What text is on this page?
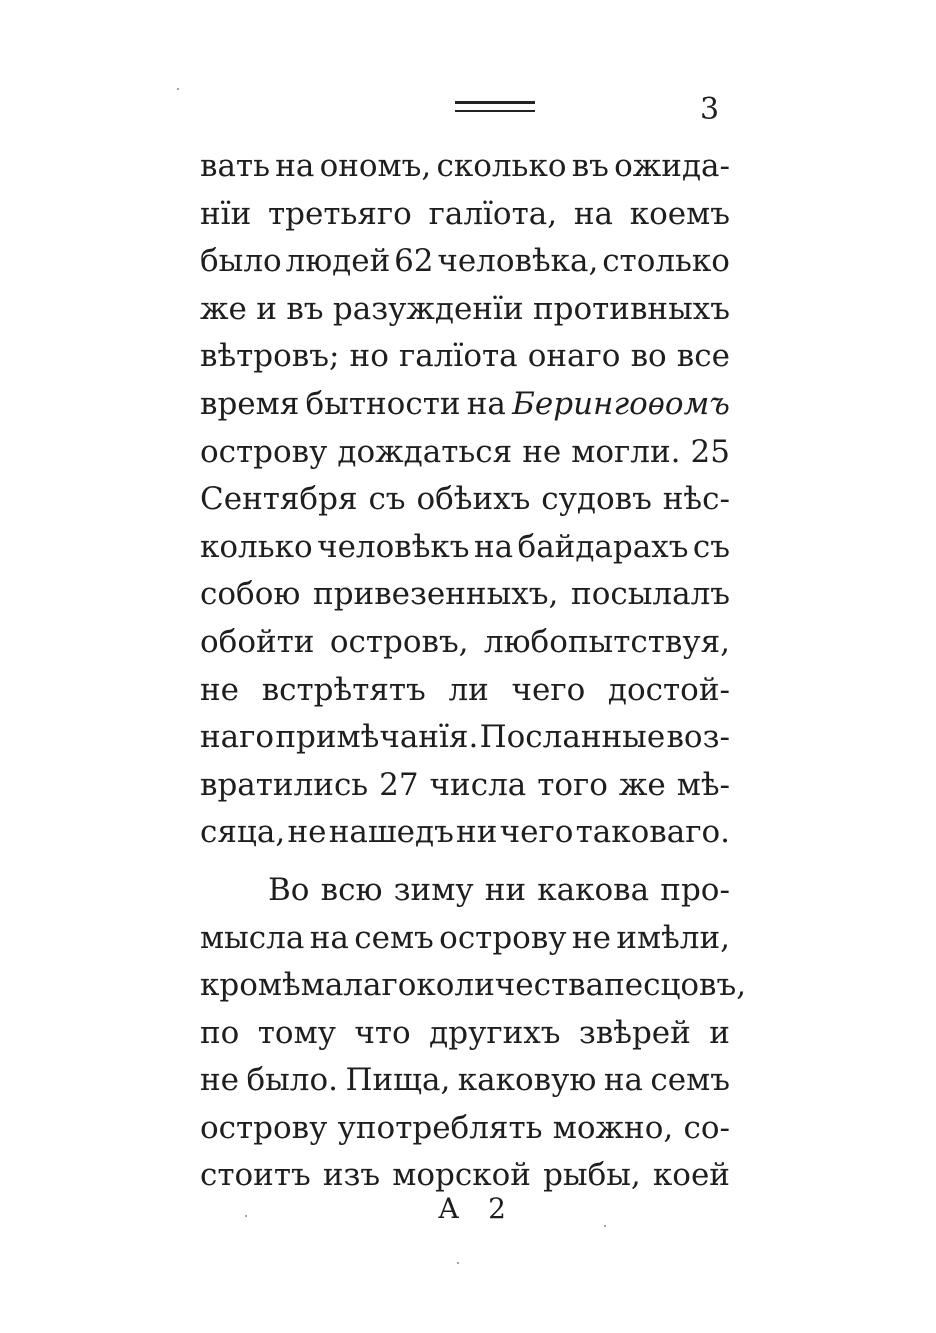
3
вать на ономъ, сколько въ ожида-
нїи третьяго галїота, на коемъ
было людей 62 человѣка, столько
же и въ разужденїи противныхъ
вѣтровъ; но галїота онаго во все
время бытности на Берингоѳомъ
острову дождаться не могли. 25
Сентября съ обѣихъ судовъ нѣс-
колько человѣкъ на байдарахъ съ
собою привезенныхъ, посылалъ
обойти островъ, любопытствуя,
не встрѣтятъ ли чего достой-
наго примѣчанїя. Посланные воз-
вратились 27 числа того же мѣ-
сяца, не нашедъ ни чего таковаго.
Во всю зиму ни какова про-
мысла на семъ острову не имѣли,
кромѣ малаго количества песцовъ,
по тому что другихъ звѣрей и
не было. Пища, каковую на семъ
острову употреблять можно, со-
стоитъ изъ морской рыбы, коей
А 2
